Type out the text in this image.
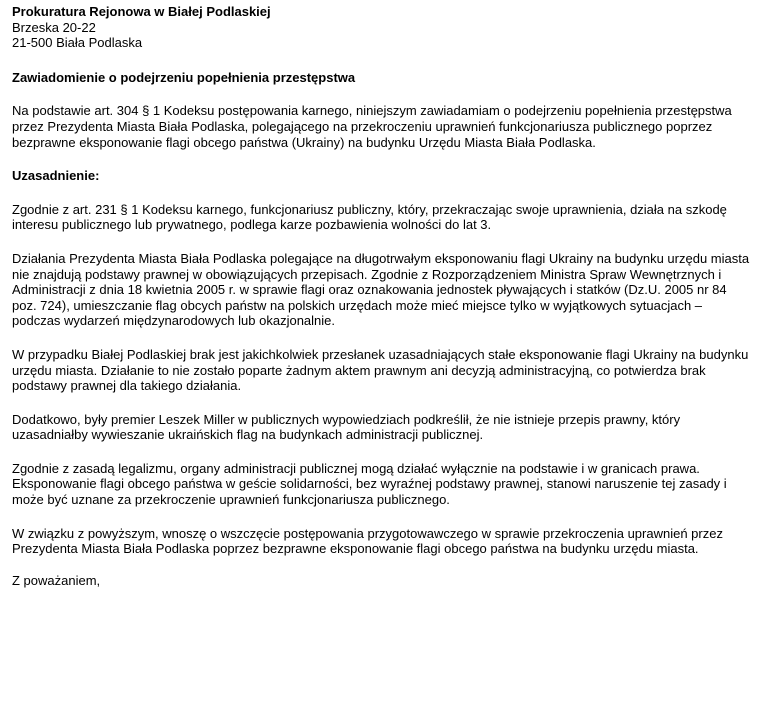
Prokuratura Rejonowa w Białej Podlaskiej
Brzeska 20-22
21-500 Biała Podlaska
Zawiadomienie o podejrzeniu popełnienia przestępstwa

Na podstawie art. 304 § 1 Kodeksu postępowania karnego, niniejszym zawiadamiam o podejrzeniu popełnienia przestępstwa przez Prezydenta Miasta Biała Podlaska, polegającego na przekroczeniu uprawnień funkcjonariusza publicznego poprzez bezprawne eksponowanie flagi obcego państwa (Ukrainy) na budynku Urzędu Miasta Biała Podlaska.

Uzasadnienie:

Zgodnie z art. 231 § 1 Kodeksu karnego, funkcjonariusz publiczny, który, przekraczając swoje uprawnienia, działa na szkodę interesu publicznego lub prywatnego, podlega karze pozbawienia wolności do lat 3.

Działania Prezydenta Miasta Biała Podlaska polegające na długotrwałym eksponowaniu flagi Ukrainy na budynku urzędu miasta nie znajdują podstawy prawnej w obowiązujących przepisach. Zgodnie z Rozporządzeniem Ministra Spraw Wewnętrznych i Administracji z dnia 18 kwietnia 2005 r. w sprawie flagi oraz oznakowania jednostek pływających i statków (Dz.U. 2005 nr 84 poz. 724), umieszczanie flag obcych państw na polskich urzędach może mieć miejsce tylko w wyjątkowych sytuacjach – podczas wydarzeń międzynarodowych lub okazjonalnie.

W przypadku Białej Podlaskiej brak jest jakichkolwiek przesłanek uzasadniających stałe eksponowanie flagi Ukrainy na budynku urzędu miasta. Działanie to nie zostało poparte żadnym aktem prawnym ani decyzją administracyjną, co potwierdza brak podstawy prawnej dla takiego działania.

Dodatkowo, były premier Leszek Miller w publicznych wypowiedziach podkreślił, że nie istnieje przepis prawny, który uzasadniałby wywieszanie ukraińskich flag na budynkach administracji publicznej.

Zgodnie z zasadą legalizmu, organy administracji publicznej mogą działać wyłącznie na podstawie i w granicach prawa. Eksponowanie flagi obcego państwa w geście solidarności, bez wyraźnej podstawy prawnej, stanowi naruszenie tej zasady i może być uznane za przekroczenie uprawnień funkcjonariusza publicznego.

W związku z powyższym, wnoszę o wszczęcie postępowania przygotowawczego w sprawie przekroczenia uprawnień przez Prezydenta Miasta Biała Podlaska poprzez bezprawne eksponowanie flagi obcego państwa na budynku urzędu miasta.

Z poważaniem,
